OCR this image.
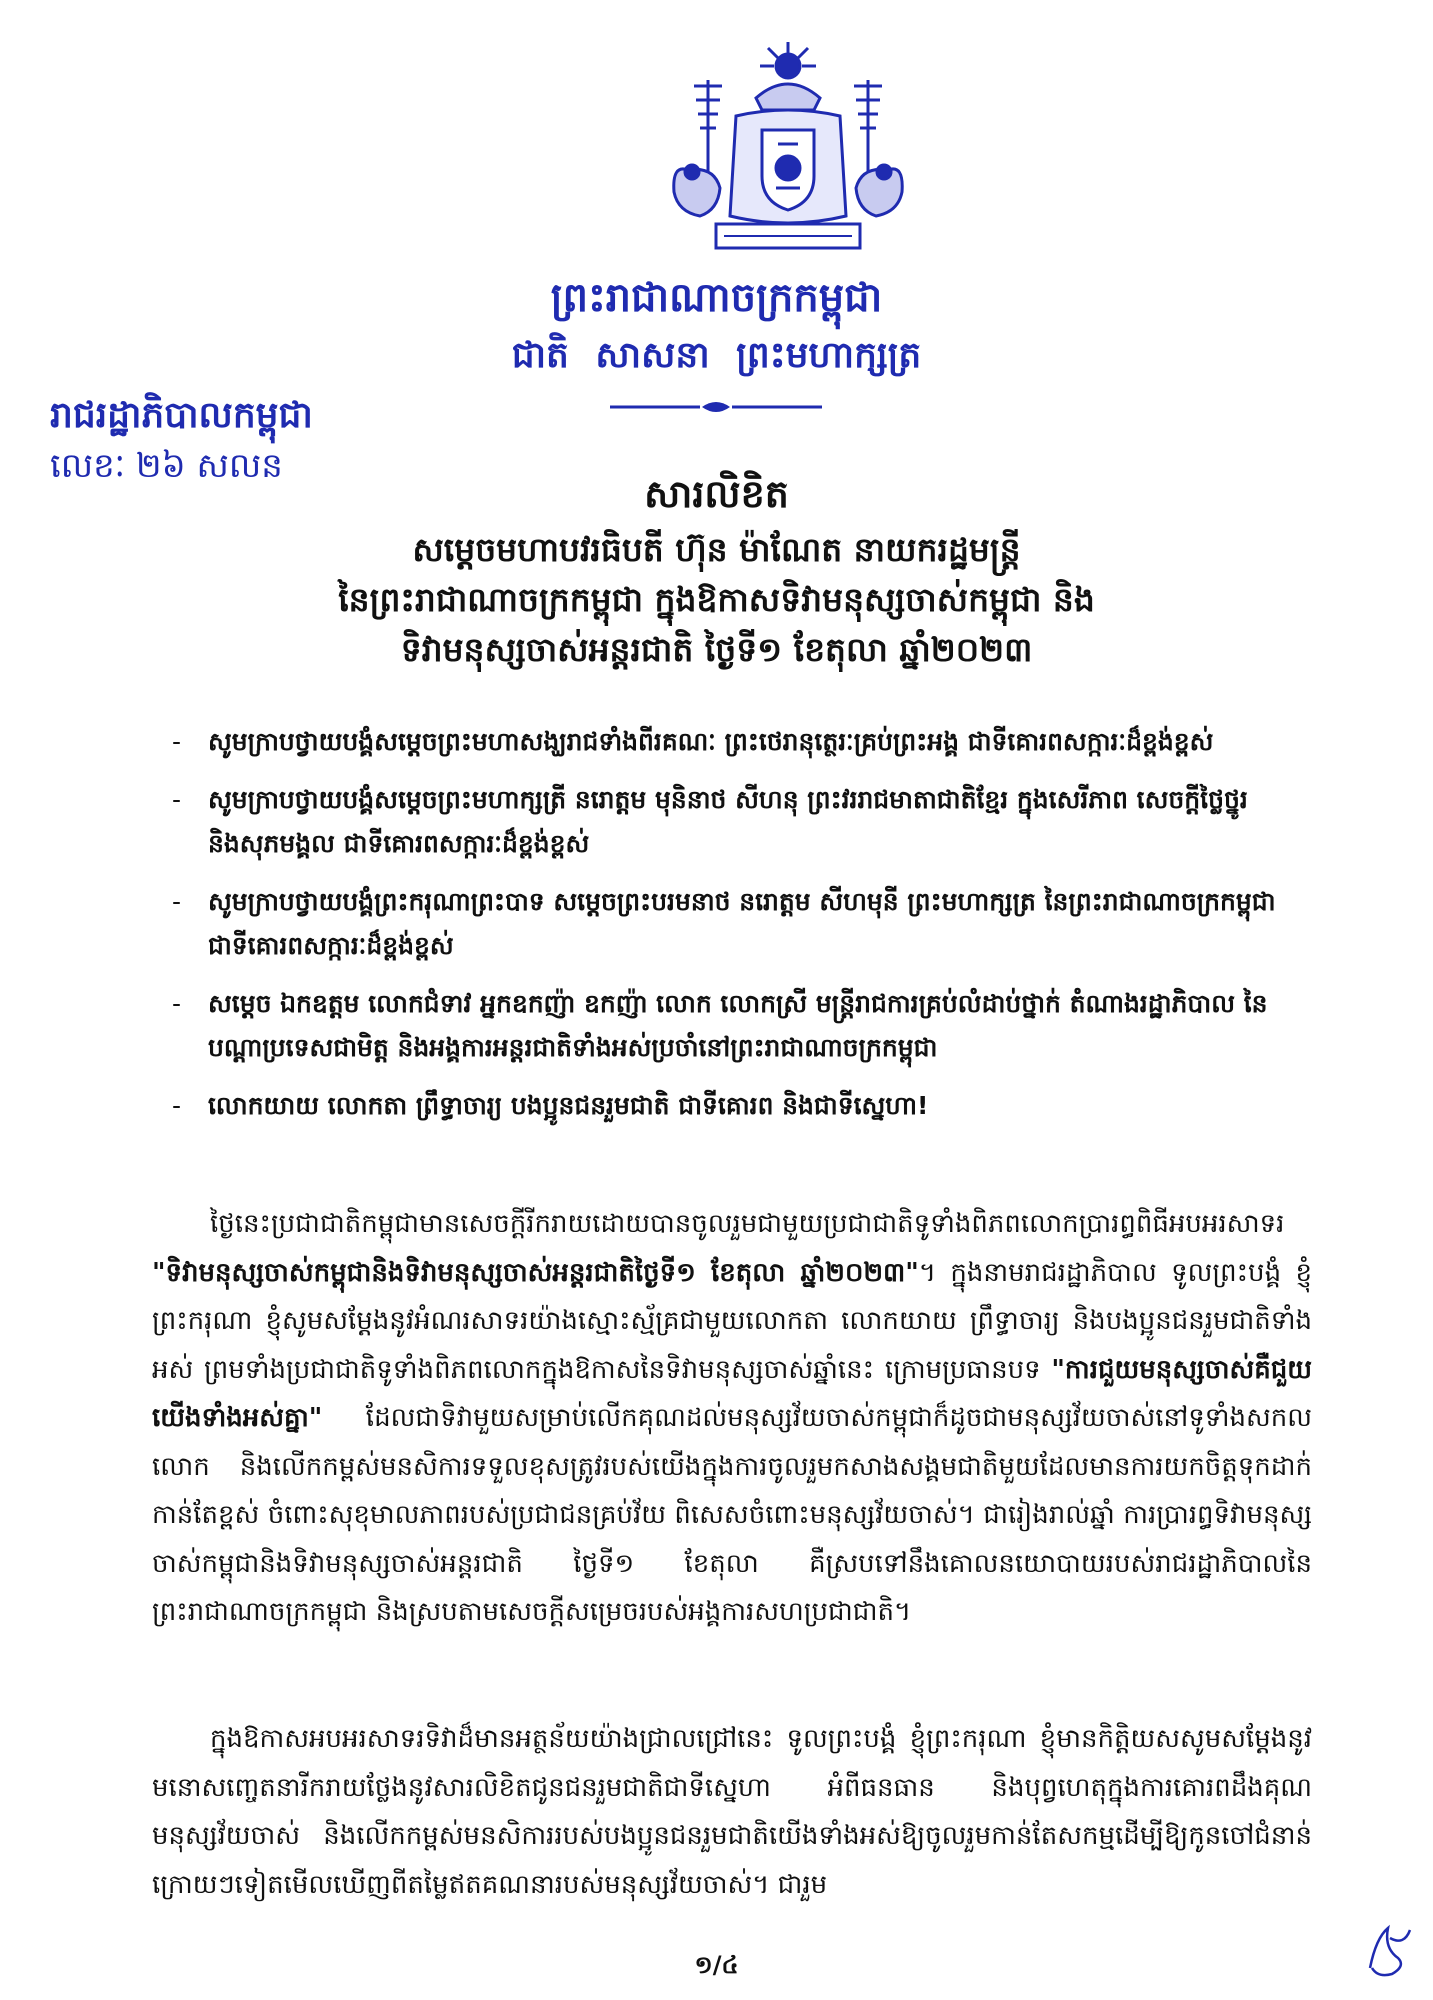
ព្រះរាជាណាចក្រកម្ពុជា
ជាតិ សាសនា ព្រះមហាក្សត្រ
រាជរដ្ឋាភិបាលកម្ពុជា
លេខៈ ២៦ សលន
សារលិខិត
សម្តេចមហាបវរធិបតី ហ៊ុន ម៉ាណែត នាយករដ្ឋមន្ត្រី
នៃព្រះរាជាណាចក្រកម្ពុជា ក្នុងឱកាសទិវាមនុស្សចាស់កម្ពុជា និង
ទិវាមនុស្សចាស់អន្តរជាតិ ថ្ងៃទី១ ខែតុលា ឆ្នាំ២០២៣
- សូមក្រាបថ្វាយបង្គំសម្តេចព្រះមហាសង្ឃរាជទាំងពីរគណៈ ព្រះថេរានុត្ថេរៈគ្រប់ព្រះអង្គ ជាទីគោរពសក្ការៈដ៏ខ្ពង់ខ្ពស់
- សូមក្រាបថ្វាយបង្គំសម្តេចព្រះមហាក្សត្រី នរោត្តម មុនិនាថ សីហនុ ព្រះវររាជមាតាជាតិខ្មែរ ក្នុងសេរីភាព សេចក្តីថ្លៃថ្នូរ និងសុភមង្គល ជាទីគោរពសក្ការៈដ៏ខ្ពង់ខ្ពស់
- សូមក្រាបថ្វាយបង្គំព្រះករុណាព្រះបាទ សម្តេចព្រះបរមនាថ នរោត្តម សីហមុនី ព្រះមហាក្សត្រ នៃព្រះរាជាណាចក្រកម្ពុជា ជាទីគោរពសក្ការៈដ៏ខ្ពង់ខ្ពស់
- សម្តេច ឯកឧត្តម លោកជំទាវ អ្នកឧកញ៉ា ឧកញ៉ា លោក លោកស្រី មន្ត្រីរាជការគ្រប់លំដាប់ថ្នាក់ តំណាងរដ្ឋាភិបាល នៃបណ្តាប្រទេសជាមិត្ត និងអង្គការអន្តរជាតិទាំងអស់ប្រចាំនៅព្រះរាជាណាចក្រកម្ពុជា
- លោកយាយ លោកតា ព្រឹទ្ធាចារ្យ បងប្អូនជនរួមជាតិ ជាទីគោរព និងជាទីស្នេហា!

ថ្ងៃនេះប្រជាជាតិកម្ពុជាមានសេចក្តីរីករាយដោយបានចូលរួមជាមួយប្រជាជាតិទូទាំងពិភពលោកប្រារព្ធពិធីអបអរសាទរ "ទិវាមនុស្សចាស់កម្ពុជានិងទិវាមនុស្សចាស់អន្តរជាតិថ្ងៃទី១ ខែតុលា ឆ្នាំ២០២៣"។ ក្នុងនាមរាជរដ្ឋាភិបាល ទូលព្រះបង្គំ ខ្ញុំព្រះករុណា ខ្ញុំសូមសម្តែងនូវអំណរសាទរយ៉ាងស្មោះស្ម័គ្រជាមួយលោកតា លោកយាយ ព្រឹទ្ធាចារ្យ និងបងប្អូនជនរួមជាតិទាំងអស់ ព្រមទាំងប្រជាជាតិទូទាំងពិភពលោកក្នុងឱកាសនៃទិវាមនុស្សចាស់ឆ្នាំនេះ ក្រោមប្រធានបទ "ការជួយមនុស្សចាស់គឺជួយយើងទាំងអស់គ្នា" ដែលជាទិវាមួយសម្រាប់លើកគុណដល់មនុស្សវ័យចាស់កម្ពុជាក៏ដូចជាមនុស្សវ័យចាស់នៅទូទាំងសកលលោក និងលើកកម្ពស់មនសិការទទួលខុសត្រូវរបស់យើងក្នុងការចូលរួមកសាងសង្គមជាតិមួយដែលមានការយកចិត្តទុកដាក់កាន់តែខ្ពស់ ចំពោះសុខុមាលភាពរបស់ប្រជាជនគ្រប់វ័យ ពិសេសចំពោះមនុស្សវ័យចាស់។ ជារៀងរាល់ឆ្នាំ ការប្រារព្ធទិវាមនុស្សចាស់កម្ពុជានិងទិវាមនុស្សចាស់អន្តរជាតិ ថ្ងៃទី១ ខែតុលា គឺស្របទៅនឹងគោលនយោបាយរបស់រាជរដ្ឋាភិបាលនៃព្រះរាជាណាចក្រកម្ពុជា និងស្របតាមសេចក្តីសម្រេចរបស់អង្គការសហប្រជាជាតិ។

ក្នុងឱកាសអបអរសាទរទិវាដ៏មានអត្ថន័យយ៉ាងជ្រាលជ្រៅនេះ ទូលព្រះបង្គំ ខ្ញុំព្រះករុណា ខ្ញុំមានកិត្តិយសសូមសម្តែងនូវមនោសញ្ចេតនារីករាយថ្លែងនូវសារលិខិតជូនជនរួមជាតិជាទីស្នេហា អំពីធនធាន និងបុព្វហេតុក្នុងការគោរពដឹងគុណមនុស្សវ័យចាស់ និងលើកកម្ពស់មនសិការរបស់បងប្អូនជនរួមជាតិយើងទាំងអស់ឱ្យចូលរួមកាន់តែសកម្មដើម្បីឱ្យកូនចៅជំនាន់ក្រោយៗទៀតមើលឃើញពីតម្លៃឥតគណនារបស់មនុស្សវ័យចាស់។ ជារួម

១/៤
